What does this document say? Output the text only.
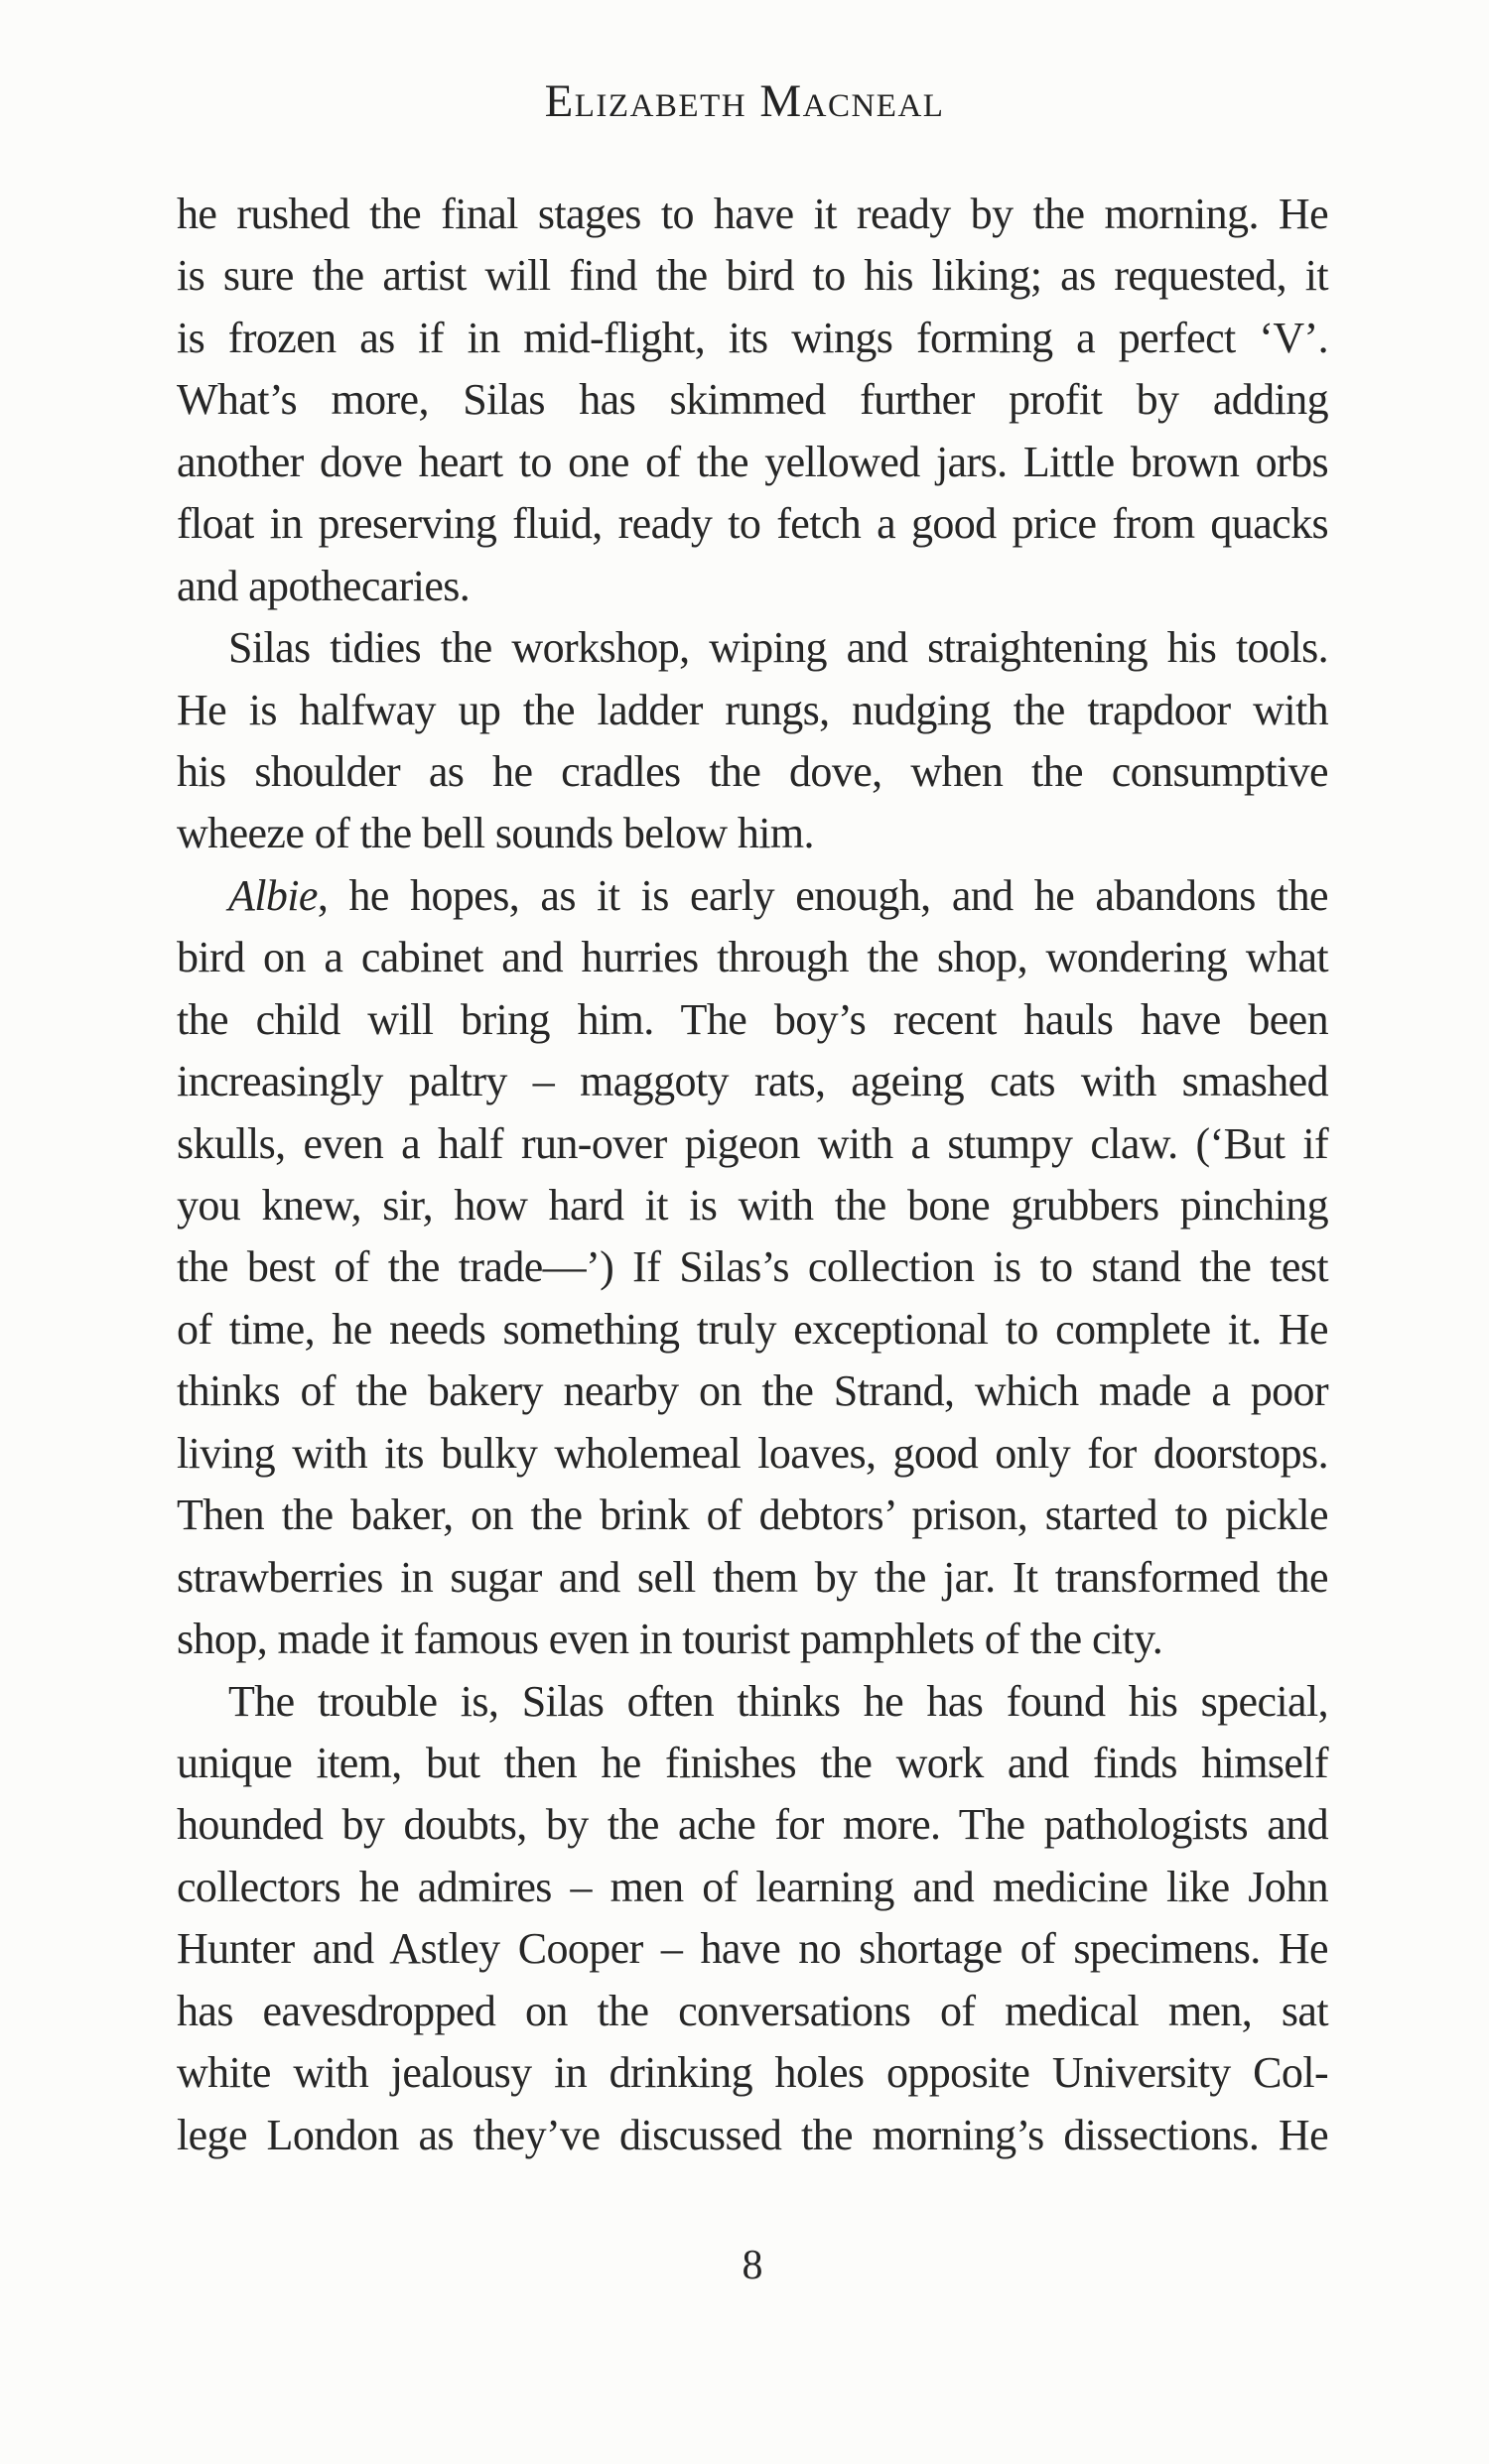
Elizabeth Macneal
he rushed the final stages to have it ready by the morning. He
is sure the artist will find the bird to his liking; as requested, it
is frozen as if in mid-flight, its wings forming a perfect ‘V’.
What’s more, Silas has skimmed further profit by adding
another dove heart to one of the yellowed jars. Little brown orbs
float in preserving fluid, ready to fetch a good price from quacks
and apothecaries.
Silas tidies the workshop, wiping and straightening his tools.
He is halfway up the ladder rungs, nudging the trapdoor with
his shoulder as he cradles the dove, when the consumptive
wheeze of the bell sounds below him.
Albie, he hopes, as it is early enough, and he abandons the
bird on a cabinet and hurries through the shop, wondering what
the child will bring him. The boy’s recent hauls have been
increasingly paltry – maggoty rats, ageing cats with smashed
skulls, even a half run-over pigeon with a stumpy claw. (‘But if
you knew, sir, how hard it is with the bone grubbers pinching
the best of the trade—’) If Silas’s collection is to stand the test
of time, he needs something truly exceptional to complete it. He
thinks of the bakery nearby on the Strand, which made a poor
living with its bulky wholemeal loaves, good only for doorstops.
Then the baker, on the brink of debtors’ prison, started to pickle
strawberries in sugar and sell them by the jar. It transformed the
shop, made it famous even in tourist pamphlets of the city.
The trouble is, Silas often thinks he has found his special,
unique item, but then he finishes the work and finds himself
hounded by doubts, by the ache for more. The pathologists and
collectors he admires – men of learning and medicine like John
Hunter and Astley Cooper – have no shortage of specimens. He
has eavesdropped on the conversations of medical men, sat
white with jealousy in drinking holes opposite University Col-
lege London as they’ve discussed the morning’s dissections. He
8
